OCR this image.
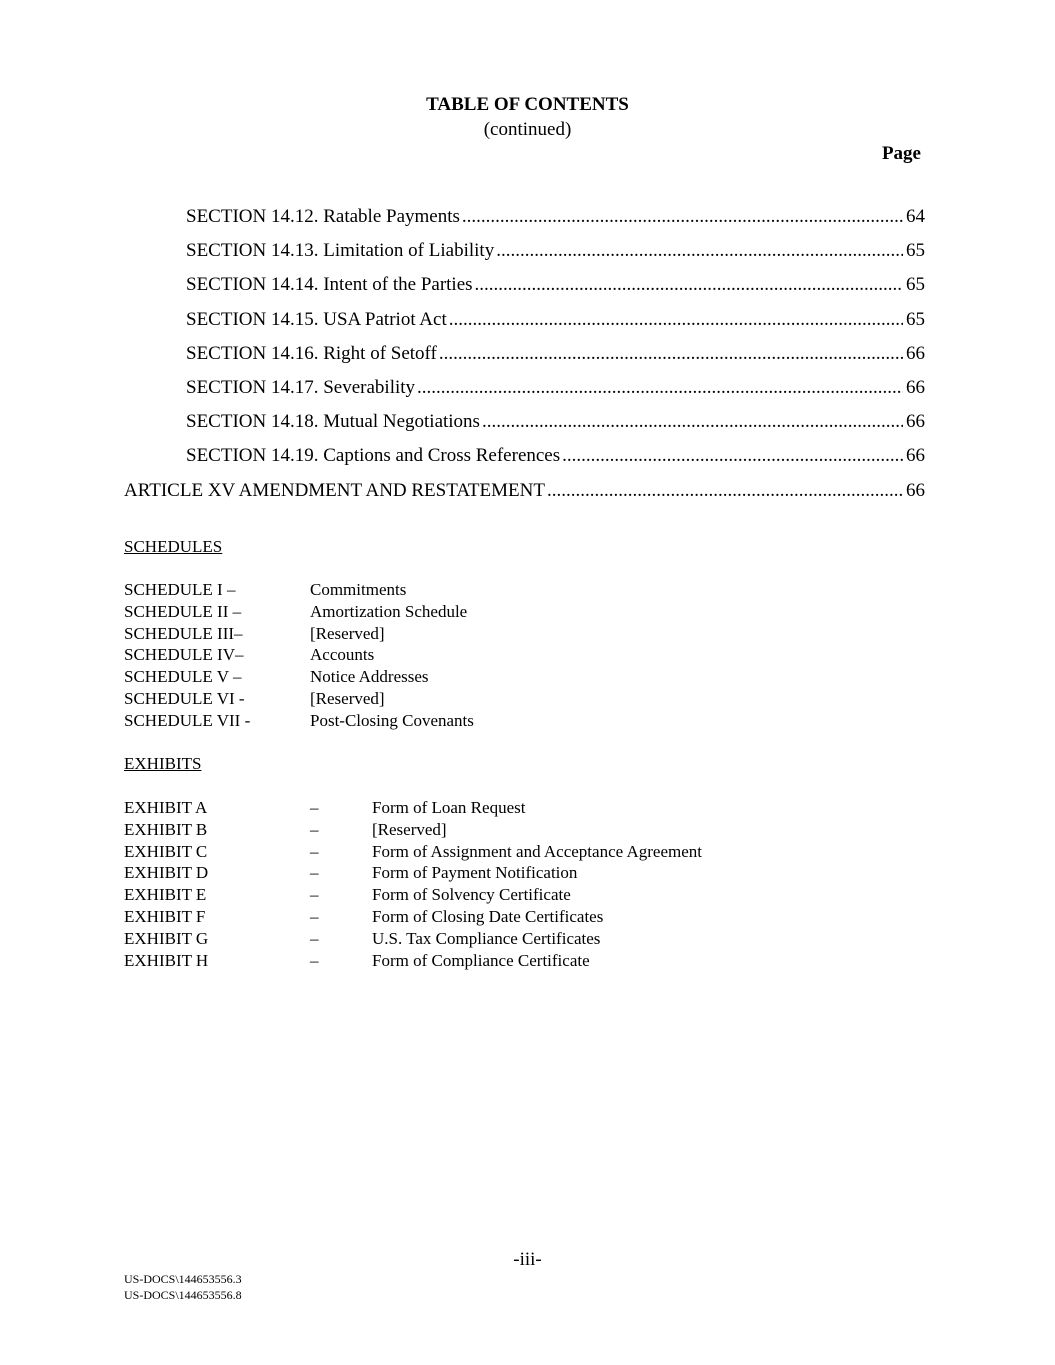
TABLE OF CONTENTS
(continued)
Page
SECTION 14.12. Ratable Payments .....	64
SECTION 14.13. Limitation of Liability .....	65
SECTION 14.14. Intent of the Parties .....	65
SECTION 14.15. USA Patriot Act .....	65
SECTION 14.16. Right of Setoff .....	66
SECTION 14.17. Severability .....	66
SECTION 14.18. Mutual Negotiations .....	66
SECTION 14.19. Captions and Cross References .....	66
ARTICLE XV AMENDMENT AND RESTATEMENT .....	66
SCHEDULES
SCHEDULE I –	Commitments
SCHEDULE II –	Amortization Schedule
SCHEDULE III–	[Reserved]
SCHEDULE IV–	Accounts
SCHEDULE V –	Notice Addresses
SCHEDULE VI -	[Reserved]
SCHEDULE VII -	Post-Closing Covenants
EXHIBITS
EXHIBIT A	–	Form of Loan Request
EXHIBIT B	–	[Reserved]
EXHIBIT C	–	Form of Assignment and Acceptance Agreement
EXHIBIT D	–	Form of Payment Notification
EXHIBIT E	–	Form of Solvency Certificate
EXHIBIT F	–	Form of Closing Date Certificates
EXHIBIT G	–	U.S. Tax Compliance Certificates
EXHIBIT H	–	Form of Compliance Certificate
-iii-
US-DOCS\144653556.3
US-DOCS\144653556.8
